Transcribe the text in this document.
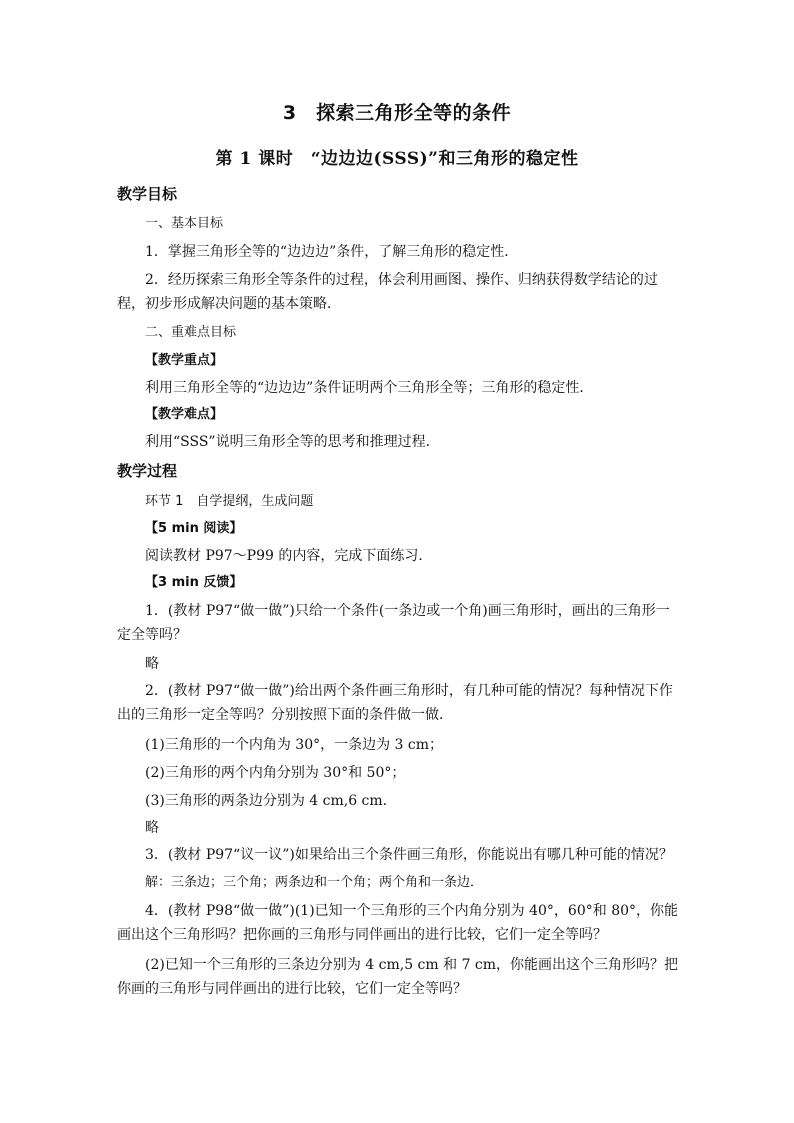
3　探索三角形全等的条件
第 1 课时　“边边边(SSS)”和三角形的稳定性
教学目标
一、基本目标
1．掌握三角形全等的“边边边”条件，了解三角形的稳定性．
2．经历探索三角形全等条件的过程，体会利用画图、操作、归纳获得数学结论的过程，初步形成解决问题的基本策略．
二、重难点目标
【教学重点】
利用三角形全等的“边边边”条件证明两个三角形全等；三角形的稳定性．
【教学难点】
利用“SSS”说明三角形全等的思考和推理过程．
教学过程
环节 1　自学提纲，生成问题
【5 min 阅读】
阅读教材 P97～P99 的内容，完成下面练习．
【3 min 反馈】
1．(教材 P97“做一做”)只给一个条件(一条边或一个角)画三角形时，画出的三角形一定全等吗？
略
2．(教材 P97“做一做”)给出两个条件画三角形时，有几种可能的情况？每种情况下作出的三角形一定全等吗？分别按照下面的条件做一做．
(1)三角形的一个内角为 30°，一条边为 3 cm；
(2)三角形的两个内角分别为 30°和 50°；
(3)三角形的两条边分别为 4 cm,6 cm.
略
3．(教材 P97“议一议”)如果给出三个条件画三角形，你能说出有哪几种可能的情况？
解：三条边；三个角；两条边和一个角；两个角和一条边．
4．(教材 P98“做一做”)(1)已知一个三角形的三个内角分别为 40°，60°和 80°，你能画出这个三角形吗？把你画的三角形与同伴画出的进行比较，它们一定全等吗？
(2)已知一个三角形的三条边分别为 4 cm,5 cm 和 7 cm，你能画出这个三角形吗？把你画的三角形与同伴画出的进行比较，它们一定全等吗？
